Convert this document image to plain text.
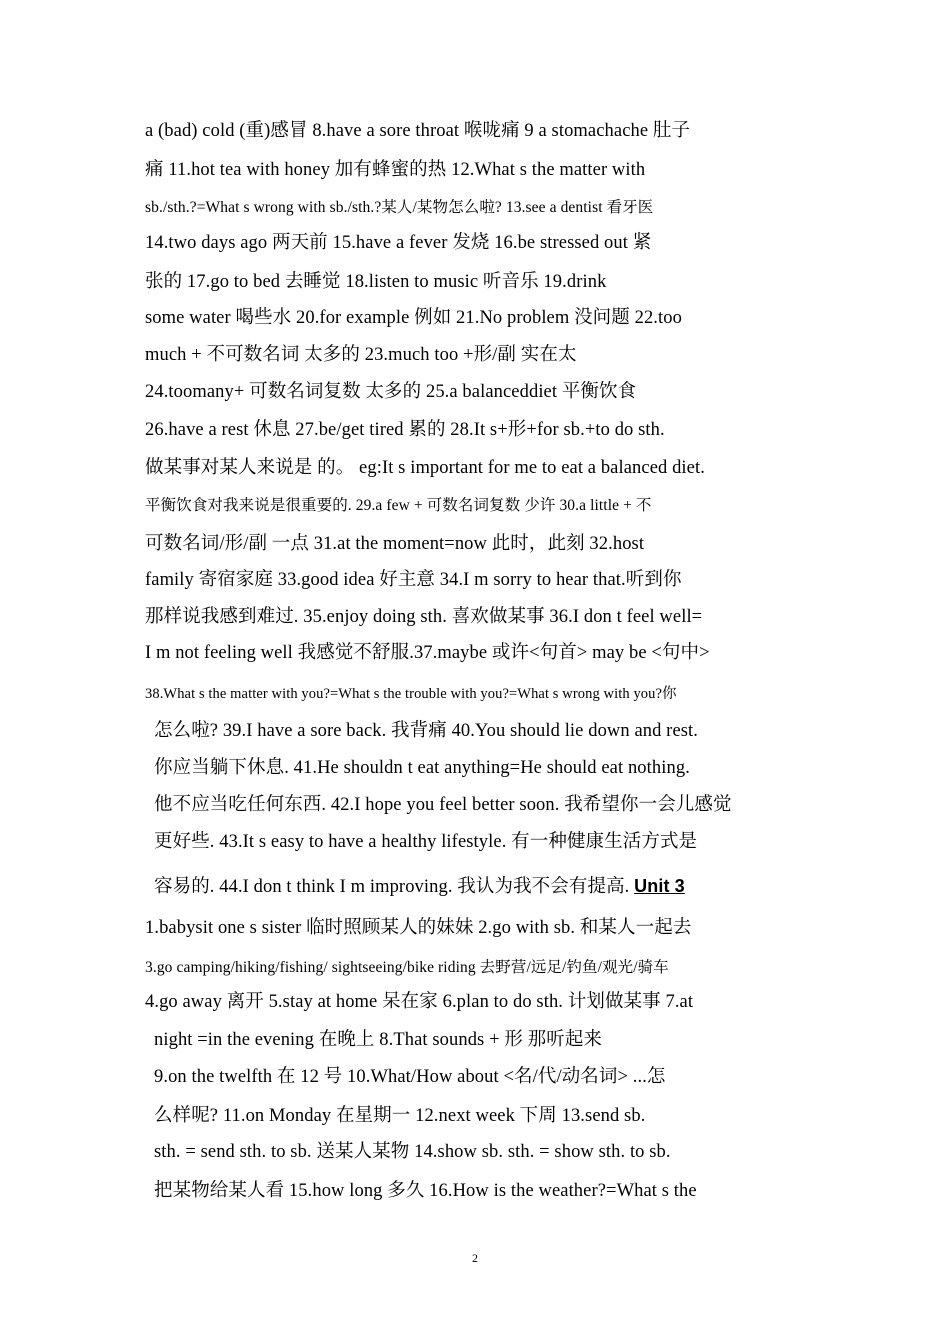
a (bad) cold (重)感冒 8.have a sore throat 喉咙痛 9 a stomachache 肚子
痛 11.hot tea with honey 加有蜂蜜的热 12.What s the matter with
sb./sth.?=What s wrong with sb./sth.?某人/某物怎么啦? 13.see a dentist 看牙医
14.two days ago 两天前 15.have a fever 发烧 16.be stressed out 紧
张的 17.go to bed 去睡觉 18.listen to music 听音乐 19.drink
some water 喝些水 20.for example 例如 21.No problem 没问题 22.too
much + 不可数名词 太多的 23.much too +形/副 实在太
24.toomany+ 可数名词复数 太多的 25.a balanceddiet 平衡饮食
26.have a rest 休息 27.be/get tired 累的 28.It s+形+for sb.+to do sth.
做某事对某人来说是 的。 eg:It s important for me to eat a balanced diet.
平衡饮食对我来说是很重要的. 29.a few + 可数名词复数 少许 30.a little + 不
可数名词/形/副 一点 31.at the moment=now 此时，此刻 32.host
family 寄宿家庭 33.good idea 好主意 34.I m sorry to hear that.听到你
那样说我感到难过. 35.enjoy doing sth. 喜欢做某事 36.I don t feel well=
I m not feeling well 我感觉不舒服.37.maybe 或许<句首> may be <句中>
38.What s the matter with you?=What s the trouble with you?=What s wrong with you?你
怎么啦? 39.I have a sore back. 我背痛 40.You should lie down and rest.
你应当躺下休息. 41.He shouldn t eat anything=He should eat nothing.
他不应当吃任何东西. 42.I hope you feel better soon. 我希望你一会儿感觉
更好些. 43.It s easy to have a healthy lifestyle. 有一种健康生活方式是
容易的. 44.I don t think I m improving. 我认为我不会有提高. Unit 3
1.babysit one s sister 临时照顾某人的妹妹 2.go with sb. 和某人一起去
3.go camping/hiking/fishing/ sightseeing/bike riding 去野营/远足/钓鱼/观光/骑车
4.go away 离开 5.stay at home 呆在家 6.plan to do sth. 计划做某事 7.at
night =in the evening 在晚上 8.That sounds + 形 那听起来
9.on the twelfth 在 12 号 10.What/How about <名/代/动名词> ...怎
么样呢? 11.on Monday 在星期一 12.next week 下周 13.send sb.
sth. = send sth. to sb. 送某人某物 14.show sb. sth. = show sth. to sb.
把某物给某人看 15.how long 多久 16.How is the weather?=What s the
2
